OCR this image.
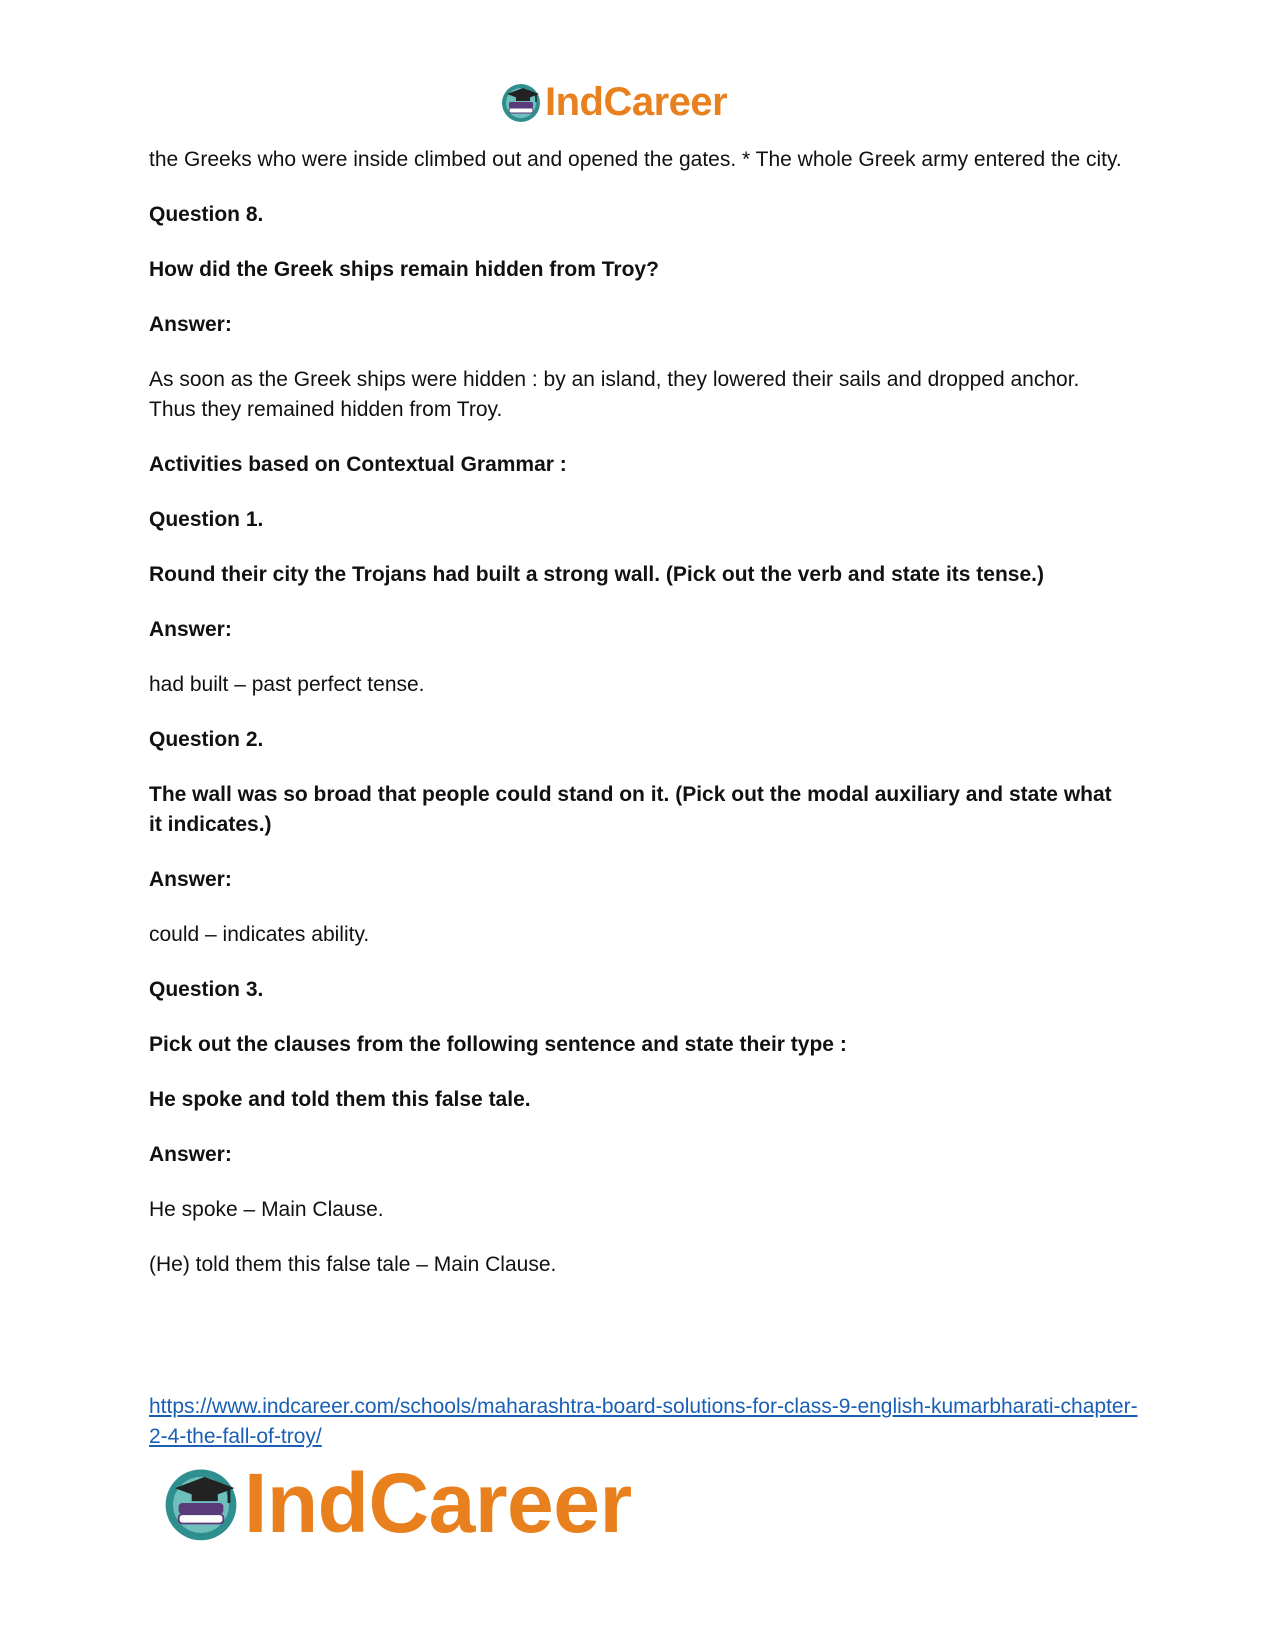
IndCareer

the Greeks who were inside climbed out and opened the gates. * The whole Greek army entered the city.

Question 8.

How did the Greek ships remain hidden from Troy?

Answer:

As soon as the Greek ships were hidden : by an island, they lowered their sails and dropped anchor. Thus they remained hidden from Troy.

Activities based on Contextual Grammar :

Question 1.

Round their city the Trojans had built a strong wall. (Pick out the verb and state its tense.)

Answer:

had built – past perfect tense.

Question 2.

The wall was so broad that people could stand on it. (Pick out the modal auxiliary and state what it indicates.)

Answer:

could – indicates ability.

Question 3.

Pick out the clauses from the following sentence and state their type :

He spoke and told them this false tale.

Answer:

He spoke – Main Clause.

(He) told them this false tale – Main Clause.

https://www.indcareer.com/schools/maharashtra-board-solutions-for-class-9-english-kumarbharati-chapter-2-4-the-fall-of-troy/
IndCareer
